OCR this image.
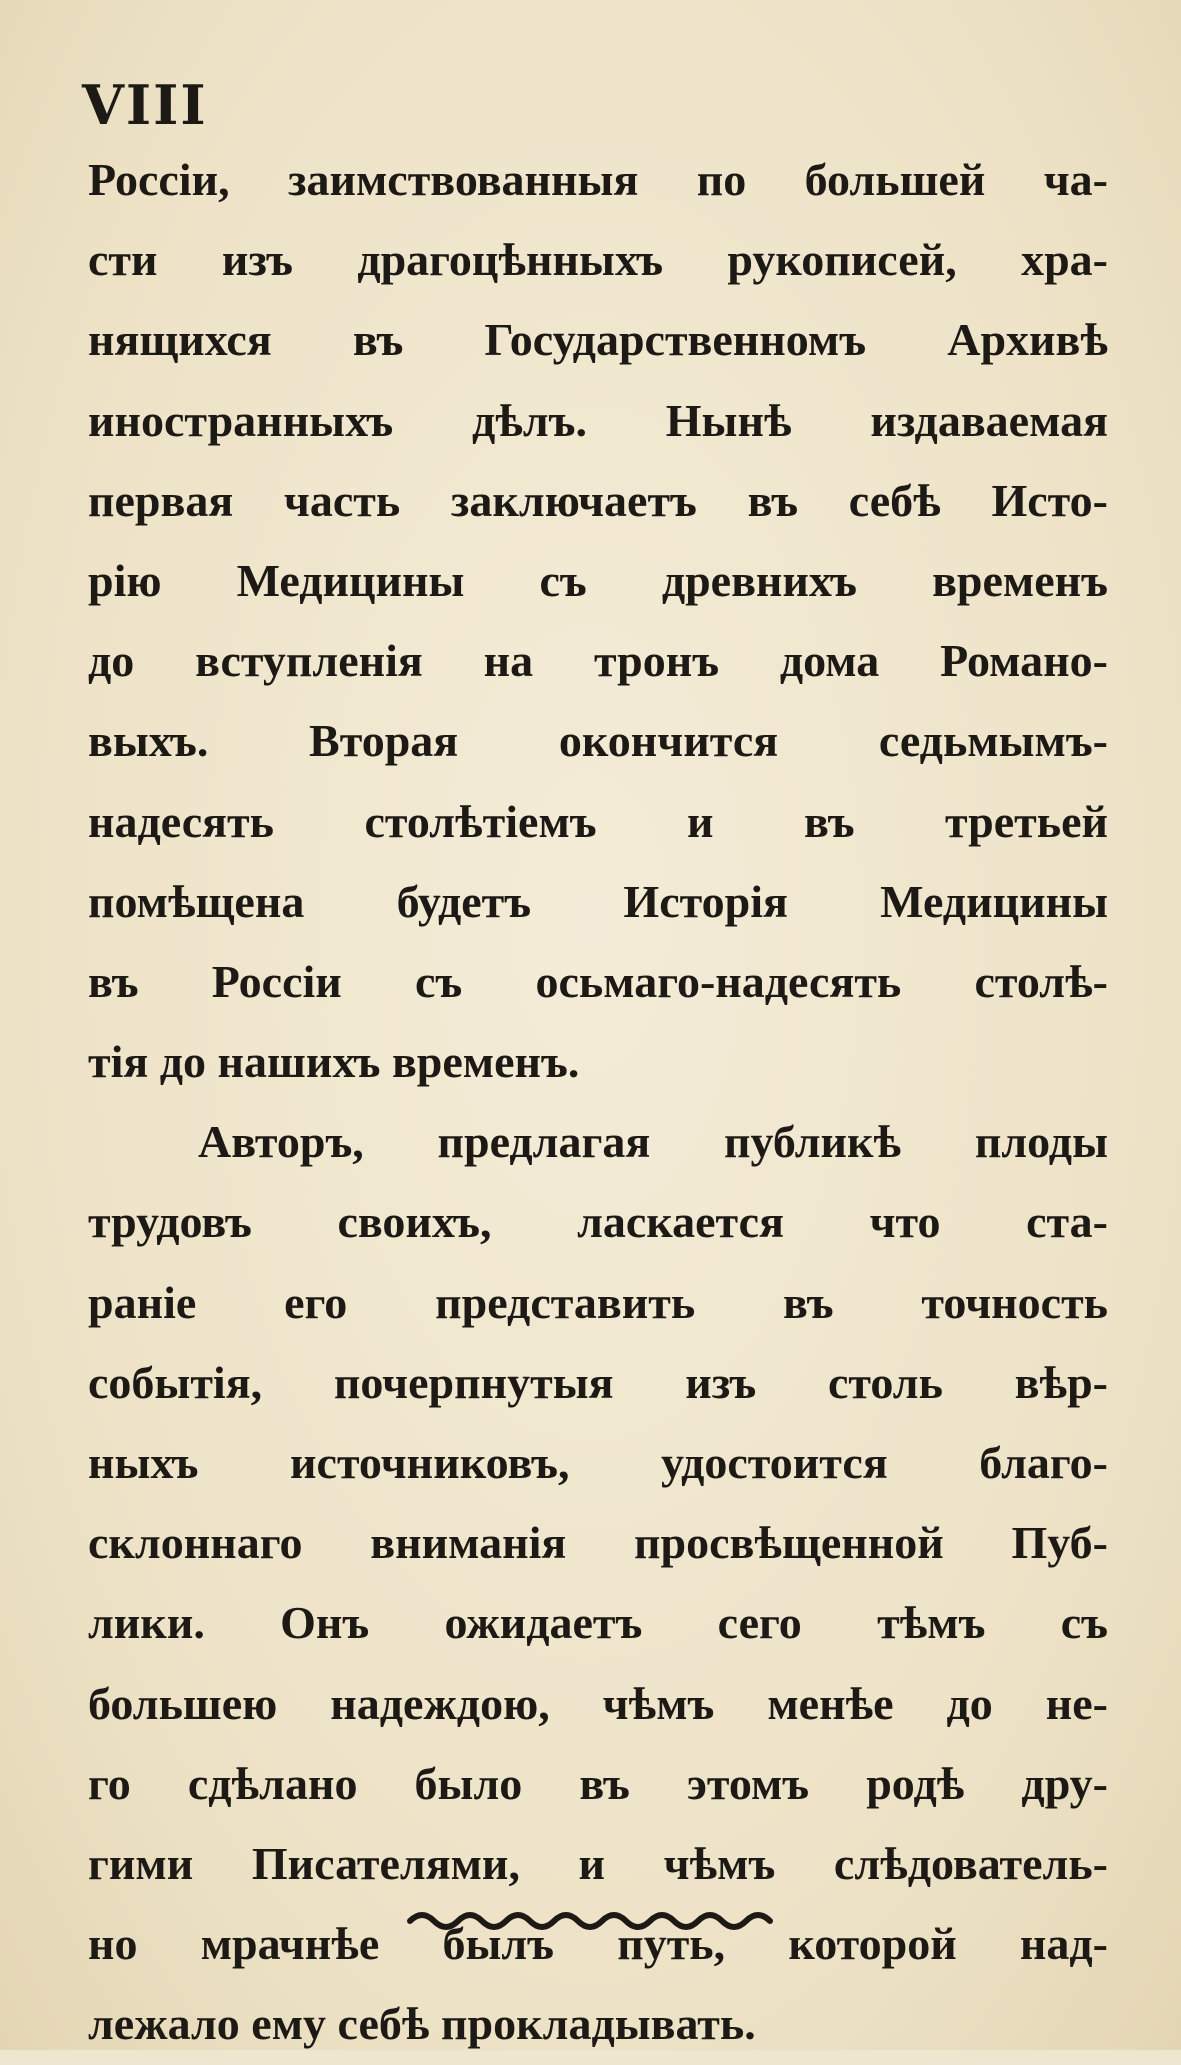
VIII
Россіи, заимствованныя по большей ча-
сти изъ драгоцѣнныхъ рукописей, хра-
нящихся въ Государственномъ Архивѣ
иностранныхъ дѣлъ. Нынѣ издаваемая
первая часть заключаетъ въ себѣ Исто-
рію Медицины съ древнихъ временъ
до вступленія на тронъ дома Романо-
выхъ. Вторая окончится седьмымъ-
надесять столѣтіемъ и въ третьей
помѣщена будетъ Исторія Медицины
въ Россіи съ осьмаго-надесять столѣ-
тія до нашихъ временъ.
Авторъ, предлагая публикѣ плоды
трудовъ своихъ, ласкается что ста-
раніе его представить въ точность
событія, почерпнутыя изъ столь вѣр-
ныхъ источниковъ, удостоится благо-
склоннаго вниманія просвѣщенной Пуб-
лики. Онъ ожидаетъ сего тѣмъ съ
большею надеждою, чѣмъ менѣе до не-
го сдѣлано было въ этомъ родѣ дру-
гими Писателями, и чѣмъ слѣдователь-
но мрачнѣе былъ путь, которой над-
лежало ему себѣ прокладывать.
